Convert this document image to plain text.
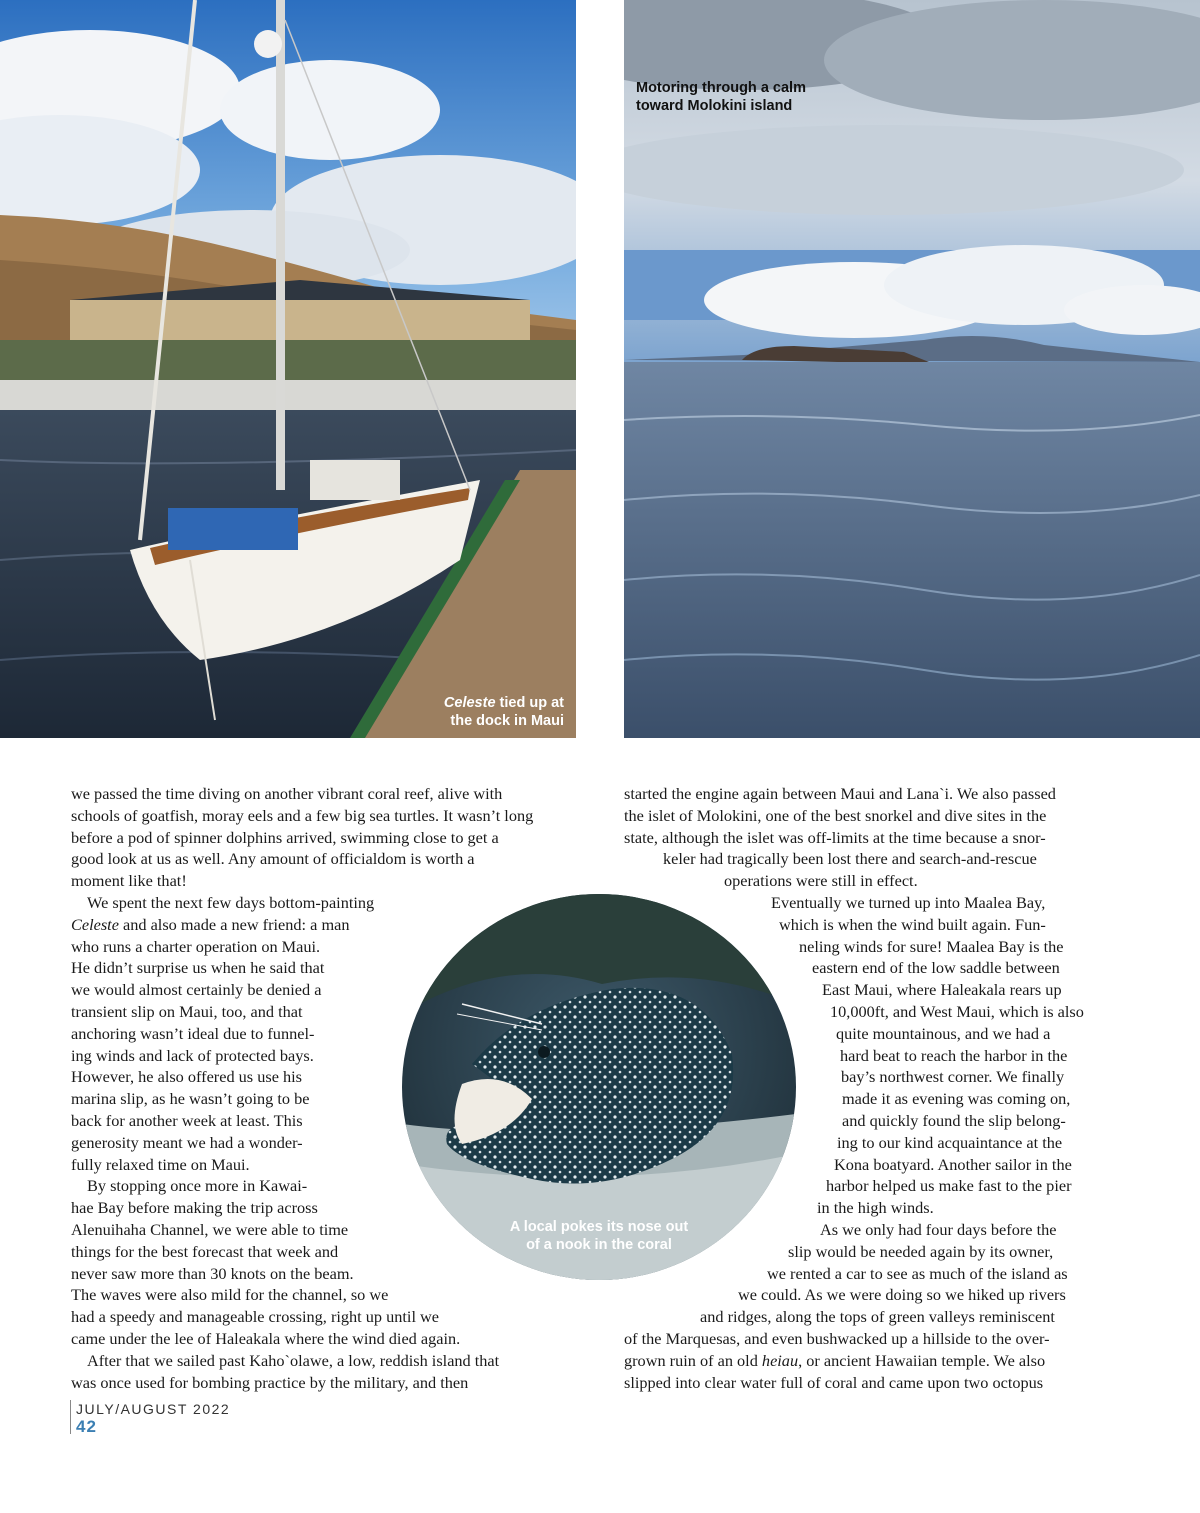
Celeste tied up at
the dock in Maui
Motoring through a calm
toward Molokini island
we passed the time diving on another vibrant coral reef, alive with
schools of goatfish, moray eels and a few big sea turtles. It wasn’t long
before a pod of spinner dolphins arrived, swimming close to get a
good look at us as well. Any amount of officialdom is worth a
moment like that!
We spent the next few days bottom-painting
Celeste and also made a new friend: a man
who runs a charter operation on Maui.
He didn’t surprise us when he said that
we would almost certainly be denied a
transient slip on Maui, too, and that
anchoring wasn’t ideal due to funnel-
ing winds and lack of protected bays.
However, he also offered us use his
marina slip, as he wasn’t going to be
back for another week at least. This
generosity meant we had a wonder-
fully relaxed time on Maui.
By stopping once more in Kawai-
hae Bay before making the trip across
Alenuihaha Channel, we were able to time
things for the best forecast that week and
never saw more than 30 knots on the beam.
The waves were also mild for the channel, so we
had a speedy and manageable crossing, right up until we
came under the lee of Haleakala where the wind died again.
After that we sailed past Kaho`olawe, a low, reddish island that
was once used for bombing practice by the military, and then
started the engine again between Maui and Lana`i. We also passed
the islet of Molokini, one of the best snorkel and dive sites in the
state, although the islet was off-limits at the time because a snor-
keler had tragically been lost there and search-and-rescue
operations were still in effect.
Eventually we turned up into Maalea Bay,
which is when the wind built again. Fun-
neling winds for sure! Maalea Bay is the
eastern end of the low saddle between
East Maui, where Haleakala rears up
10,000ft, and West Maui, which is also
quite mountainous, and we had a
hard beat to reach the harbor in the
bay’s northwest corner. We finally
made it as evening was coming on,
and quickly found the slip belong-
ing to our kind acquaintance at the
Kona boatyard. Another sailor in the
harbor helped us make fast to the pier
in the high winds.
As we only had four days before the
slip would be needed again by its owner,
we rented a car to see as much of the island as
we could. As we were doing so we hiked up rivers
and ridges, along the tops of green valleys reminiscent
of the Marquesas, and even bushwacked up a hillside to the over-
grown ruin of an old heiau, or ancient Hawaiian temple. We also
slipped into clear water full of coral and came upon two octopus
A local pokes its nose out
of a nook in the coral
JULY/AUGUST 2022
42
